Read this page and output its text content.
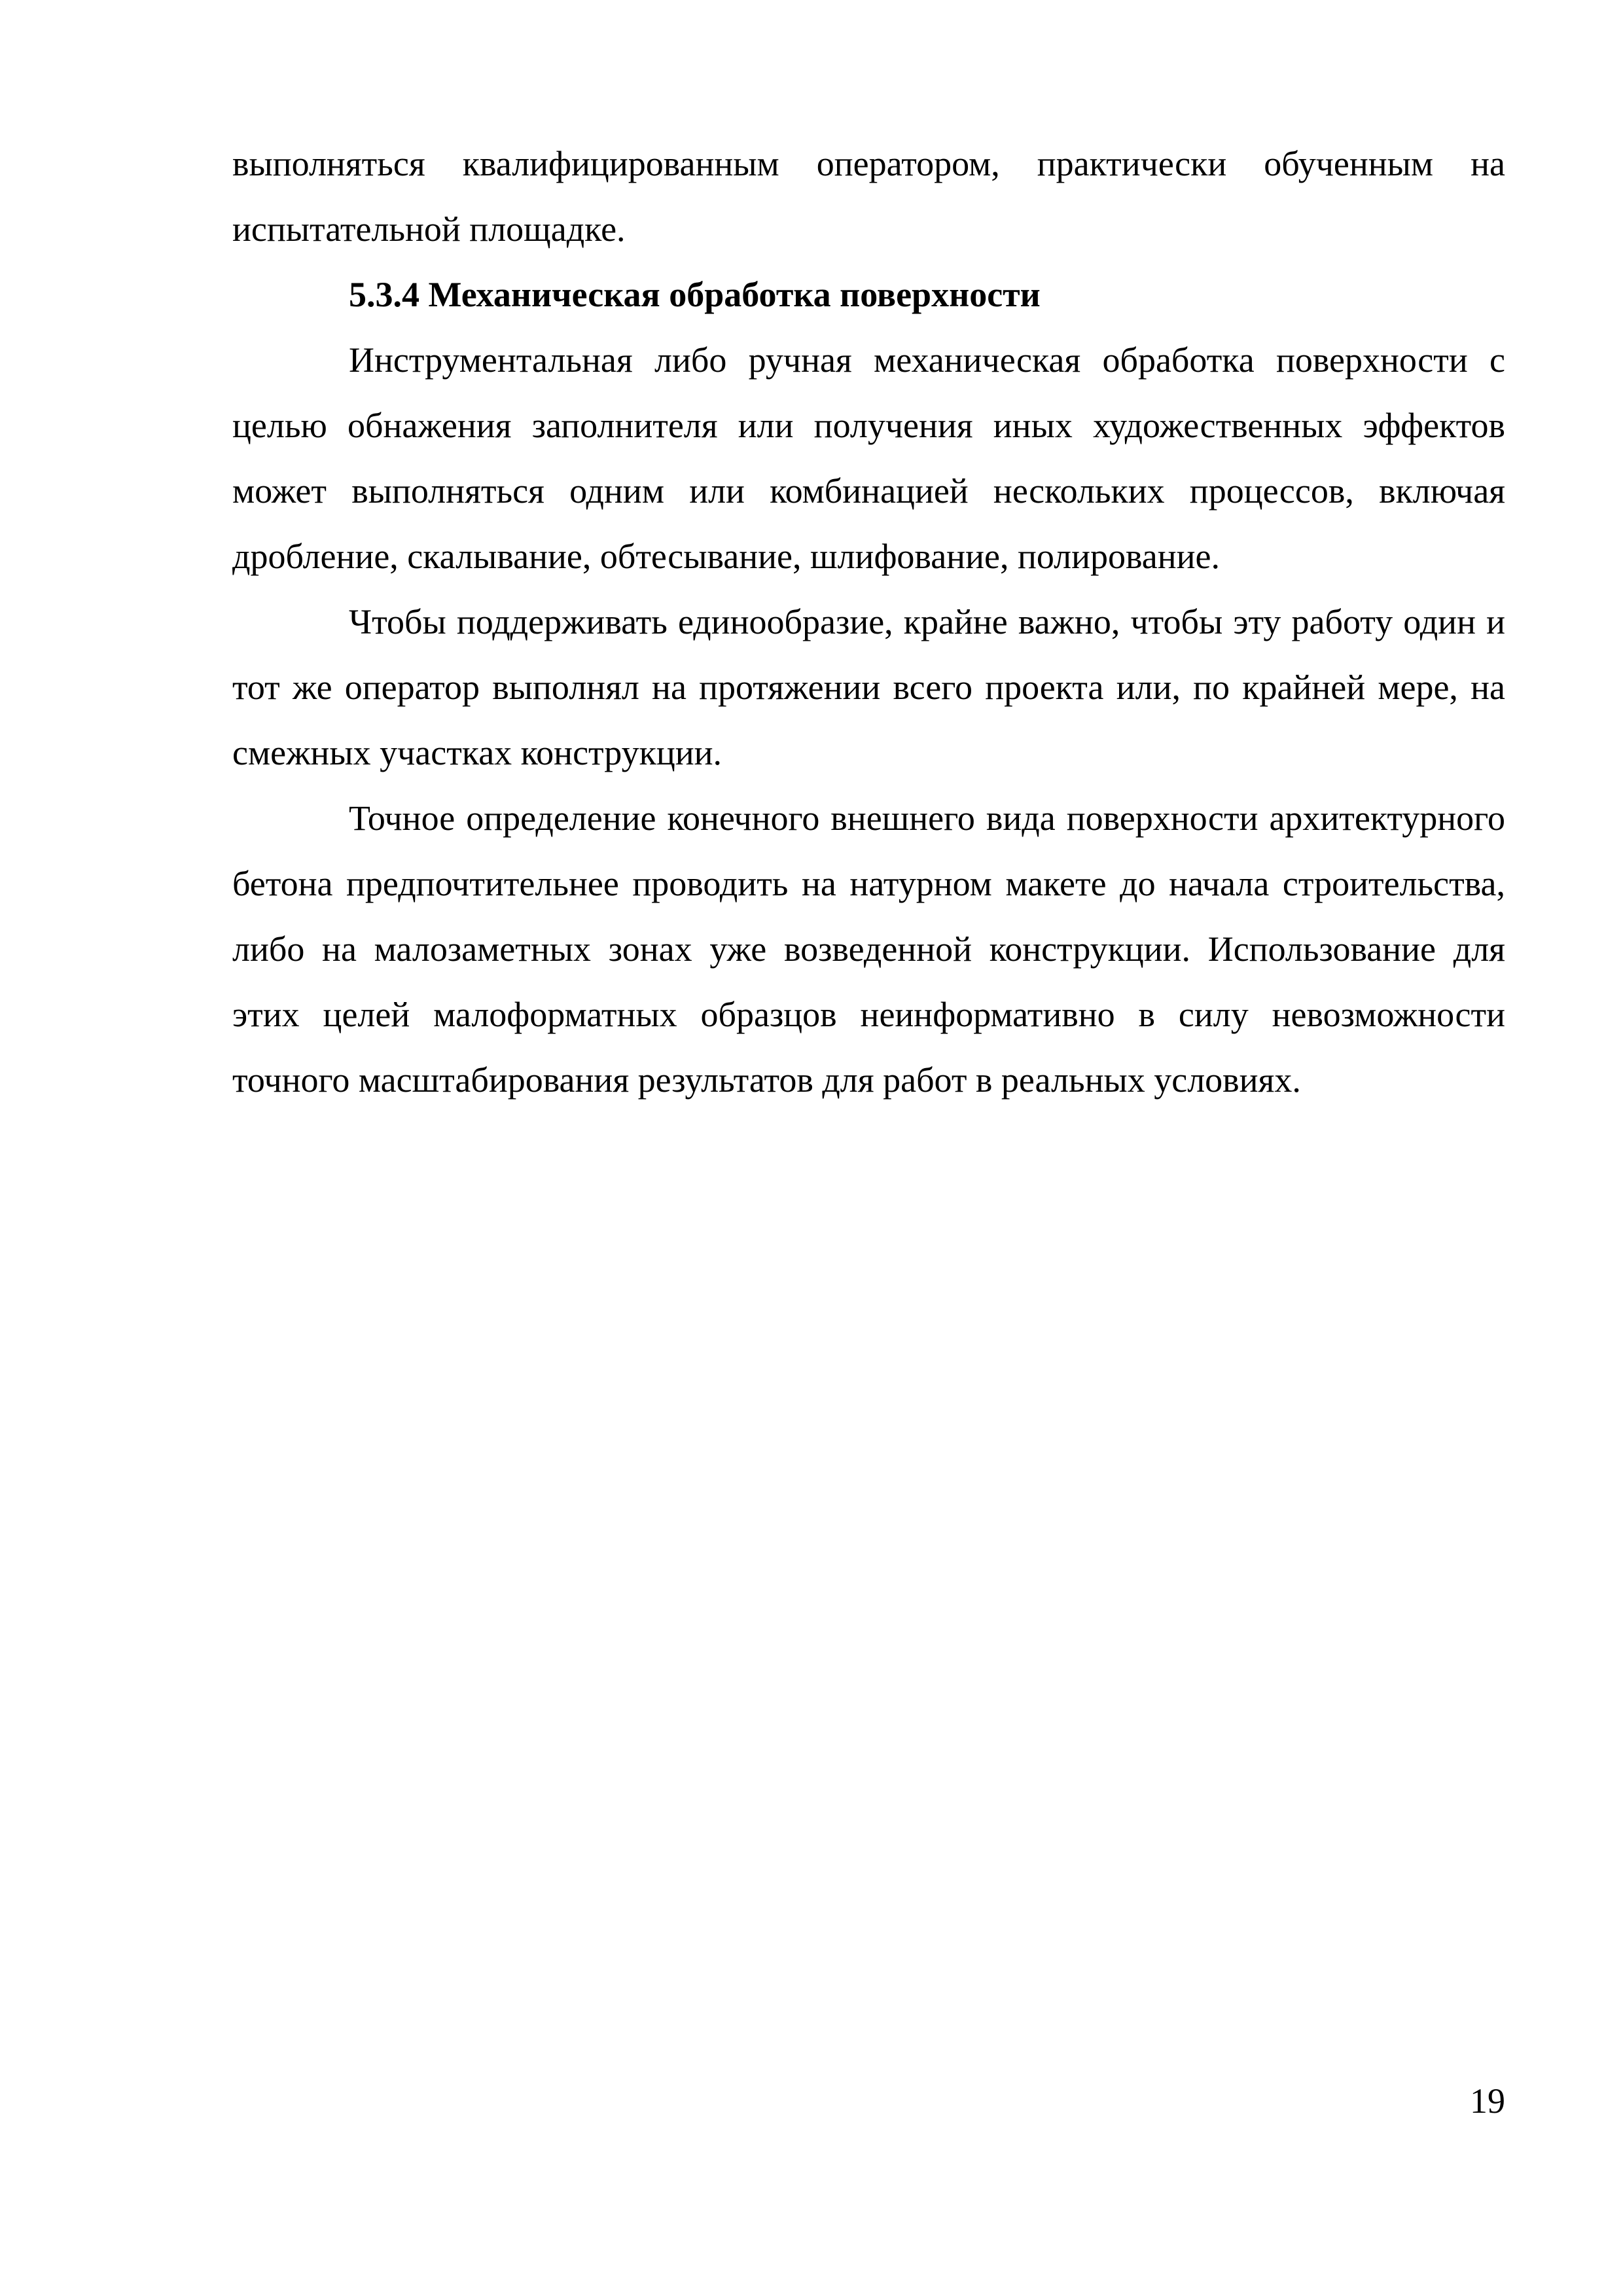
выполняться квалифицированным оператором, практически обученным на испытательной площадке.

5.3.4 Механическая обработка поверхности

Инструментальная либо ручная механическая обработка поверхности с целью обнажения заполнителя или получения иных художественных эффектов может выполняться одним или комбинацией нескольких процессов, включая дробление, скалывание, обтесывание, шлифование, полирование.

Чтобы поддерживать единообразие, крайне важно, чтобы эту работу один и тот же оператор выполнял на протяжении всего проекта или, по крайней мере, на смежных участках конструкции.

Точное определение конечного внешнего вида поверхности архитектурного бетона предпочтительнее проводить на натурном макете до начала строительства, либо на малозаметных зонах уже возведенной конструкции. Использование для этих целей малоформатных образцов неинформативно в силу невозможности точного масштабирования результатов для работ в реальных условиях.

19
